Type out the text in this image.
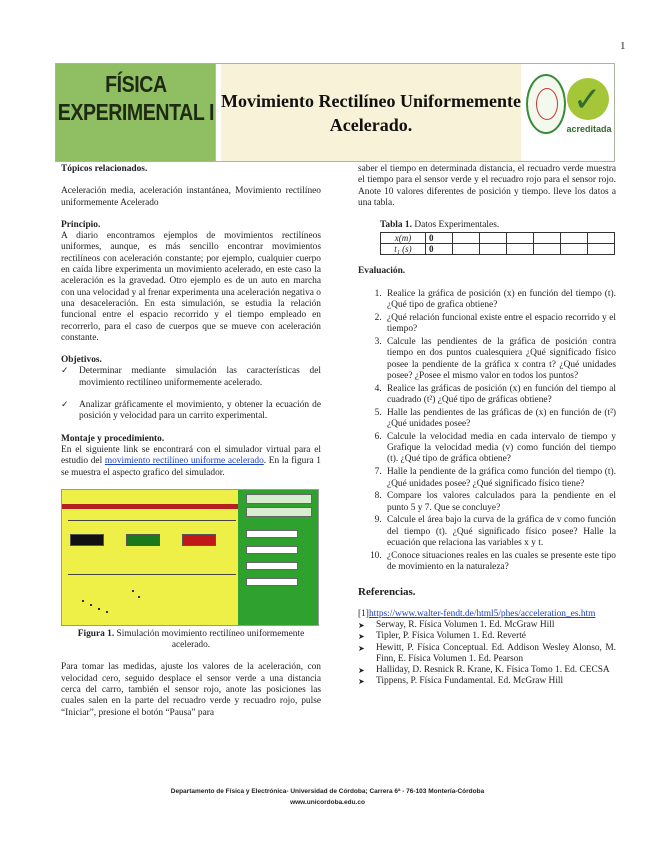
1
FÍSICA
EXPERIMENTAL I Movimiento Rectilíneo Uniformemente
Acelerado.
✓
acreditada

Tópicos relacionados.

Aceleración media, aceleración instantánea, Movimiento rectilíneo uniformemente Acelerado

Principio.

A diario encontramos ejemplos de movimientos rectilíneos uniformes, aunque, es más sencillo encontrar movimientos rectilíneos con aceleración constante; por ejemplo, cualquier cuerpo en caída libre experimenta un movimiento acelerado, en este caso la aceleración es la gravedad. Otro ejemplo es de un auto en marcha con una velocidad y al frenar experimenta una aceleración negativa o una desaceleración. En esta simulación, se estudia la relación funcional entre el espacio recorrido y el tiempo empleado en recorrerlo, para el caso de cuerpos que se mueve con aceleración constante.

Objetivos.

✓	Determinar mediante simulación las características del movimiento rectilíneo uniformemente acelerado.
✓	Analizar gráficamente el movimiento, y obtener la ecuación de posición y velocidad para un carrito experimental.

Montaje y procedimiento.

En el siguiente link se encontrará con el simulador virtual para el estudio del movimiento rectilíneo uniforme acelerado. En la figura 1 se muestra el aspecto grafico del simulador.

Figura 1. Simulación movimiento rectilíneo uniformemente acelerado.

Para tomar las medidas, ajuste los valores de la aceleración, con velocidad cero, seguido desplace el sensor verde a una distancia cerca del carro, también el sensor rojo, anote las posiciones las cuales salen en la parte del recuadro verde y recuadro rojo, pulse “Iniciar”, presione el botón “Pausa” para

saber el tiempo en determinada distancia, el recuadro verde muestra el tiempo para el sensor verde y el recuadro rojo para el sensor rojo. Anote 10 valores diferentes de posición y tiempo. lleve los datos a una tabla.

Tabla 1. Datos Experimentales.

x(m)	0						
t₁ (s)	0						

Evaluación.

1. Realice la gráfica de posición (x) en función del tiempo (t). ¿Qué tipo de grafica obtiene?
2. ¿Qué relación funcional existe entre el espacio recorrido y el tiempo?
3. Calcule las pendientes de la gráfica de posición contra tiempo en dos puntos cualesquiera ¿Qué significado físico posee la pendiente de la gráfica x contra t? ¿Qué unidades posee? ¿Posee el mismo valor en todos los puntos?
4. Realice las gráficas de posición (x) en función del tiempo al cuadrado (t²) ¿Qué tipo de gráficas obtiene?
5. Halle las pendientes de las gráficas de (x) en función de (t²) ¿Qué unidades posee?
6. Calcule la velocidad media en cada intervalo de tiempo y Grafique la velocidad media (v) como función del tiempo (t). ¿Qué tipo de gráfica obtiene?
7. Halle la pendiente de la gráfica como función del tiempo (t). ¿Qué unidades posee? ¿Qué significado físico tiene?
8. Compare los valores calculados para la pendiente en el punto 5 y 7. Que se concluye?
9. Calcule el área bajo la curva de la gráfica de v como función del tiempo (t). ¿Qué significado físico posee? Halle la ecuación que relaciona las variables x y t.
10. ¿Conoce situaciones reales en las cuales se presente este tipo de movimiento en la naturaleza?
Referencias.

[1]https://www.walter-fendt.de/html5/phes/acceleration_es.htm

➤	Serway, R. Física Volumen 1. Ed. McGraw Hill
➤	Tipler, P. Física Volumen 1. Ed. Reverté
➤	Hewitt, P. Física Conceptual. Ed. Addison Wesley Alonso, M. Finn, E. Física Volumen 1. Ed. Pearson
➤	Halliday, D. Resnick R. Krane, K. Física Tomo 1. Ed. CECSA
➤	Tippens, P. Física Fundamental. Ed. McGraw Hill
Departamento de Física y Electrónica- Universidad de Córdoba; Carrera 6ª - 76-103 Montería-Córdoba
www.unicordoba.edu.co
